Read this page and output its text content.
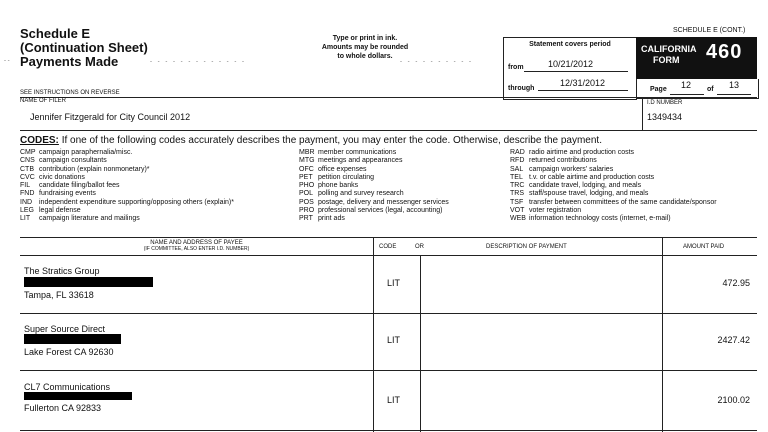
Schedule E
(Continuation Sheet)
Payments Made
- -	- - - - - - - - - - - - -	- - - - - - - - - -
Type or print in ink.
Amounts may be rounded
to whole dollars.
SCHEDULE E (CONT.)
Statement covers period
from	10/21/2012
through
12/31/2012
CALIFORNIA
FORM	460
Page 12 of 13
SEE INSTRUCTIONS ON REVERSE
NAME OF FILER
Jennifer Fitzgerald for City Council 2012
I.D NUMBER
1349434
CODES: If one of the following codes accurately describes the payment, you may enter the code. Otherwise, describe the payment.
CMP campaign paraphernalia/misc.
CNS campaign consultants
CTB contribution (explain nonmonetary)*
CVC civic donations
FIL candidate filing/ballot fees
FND fundraising events
IND independent expenditure supporting/opposing others (explain)*
LEG legal defense
LIT campaign literature and mailings
MBR member communications
MTG meetings and appearances
OFC office expenses
PET petition circulating
PHO phone banks
POL polling and survey research
POS postage, delivery and messenger services
PRO professional services (legal, accounting)
PRT print ads
RAD radio airtime and production costs
RFD returned contributions
SAL campaign workers' salaries
TEL t.v. or cable airtime and production costs
TRC candidate travel, lodging, and meals
TRS staff/spouse travel, lodging, and meals
TSF transfer between committees of the same candidate/sponsor
VOT voter registration
WEB information technology costs (internet, e-mail)
NAME AND ADDRESS OF PAYEE
(IF COMMITTEE, ALSO ENTER I.D. NUMBER)	CODE	OR	DESCRIPTION OF PAYMENT	AMOUNT PAID
The Stratics Group
Tampa, FL 33618
LIT	472.95
Super Source Direct
Lake Forest CA 92630
LIT	2427.42
CL7 Communications
Fullerton CA 92833
LIT	2100.02
